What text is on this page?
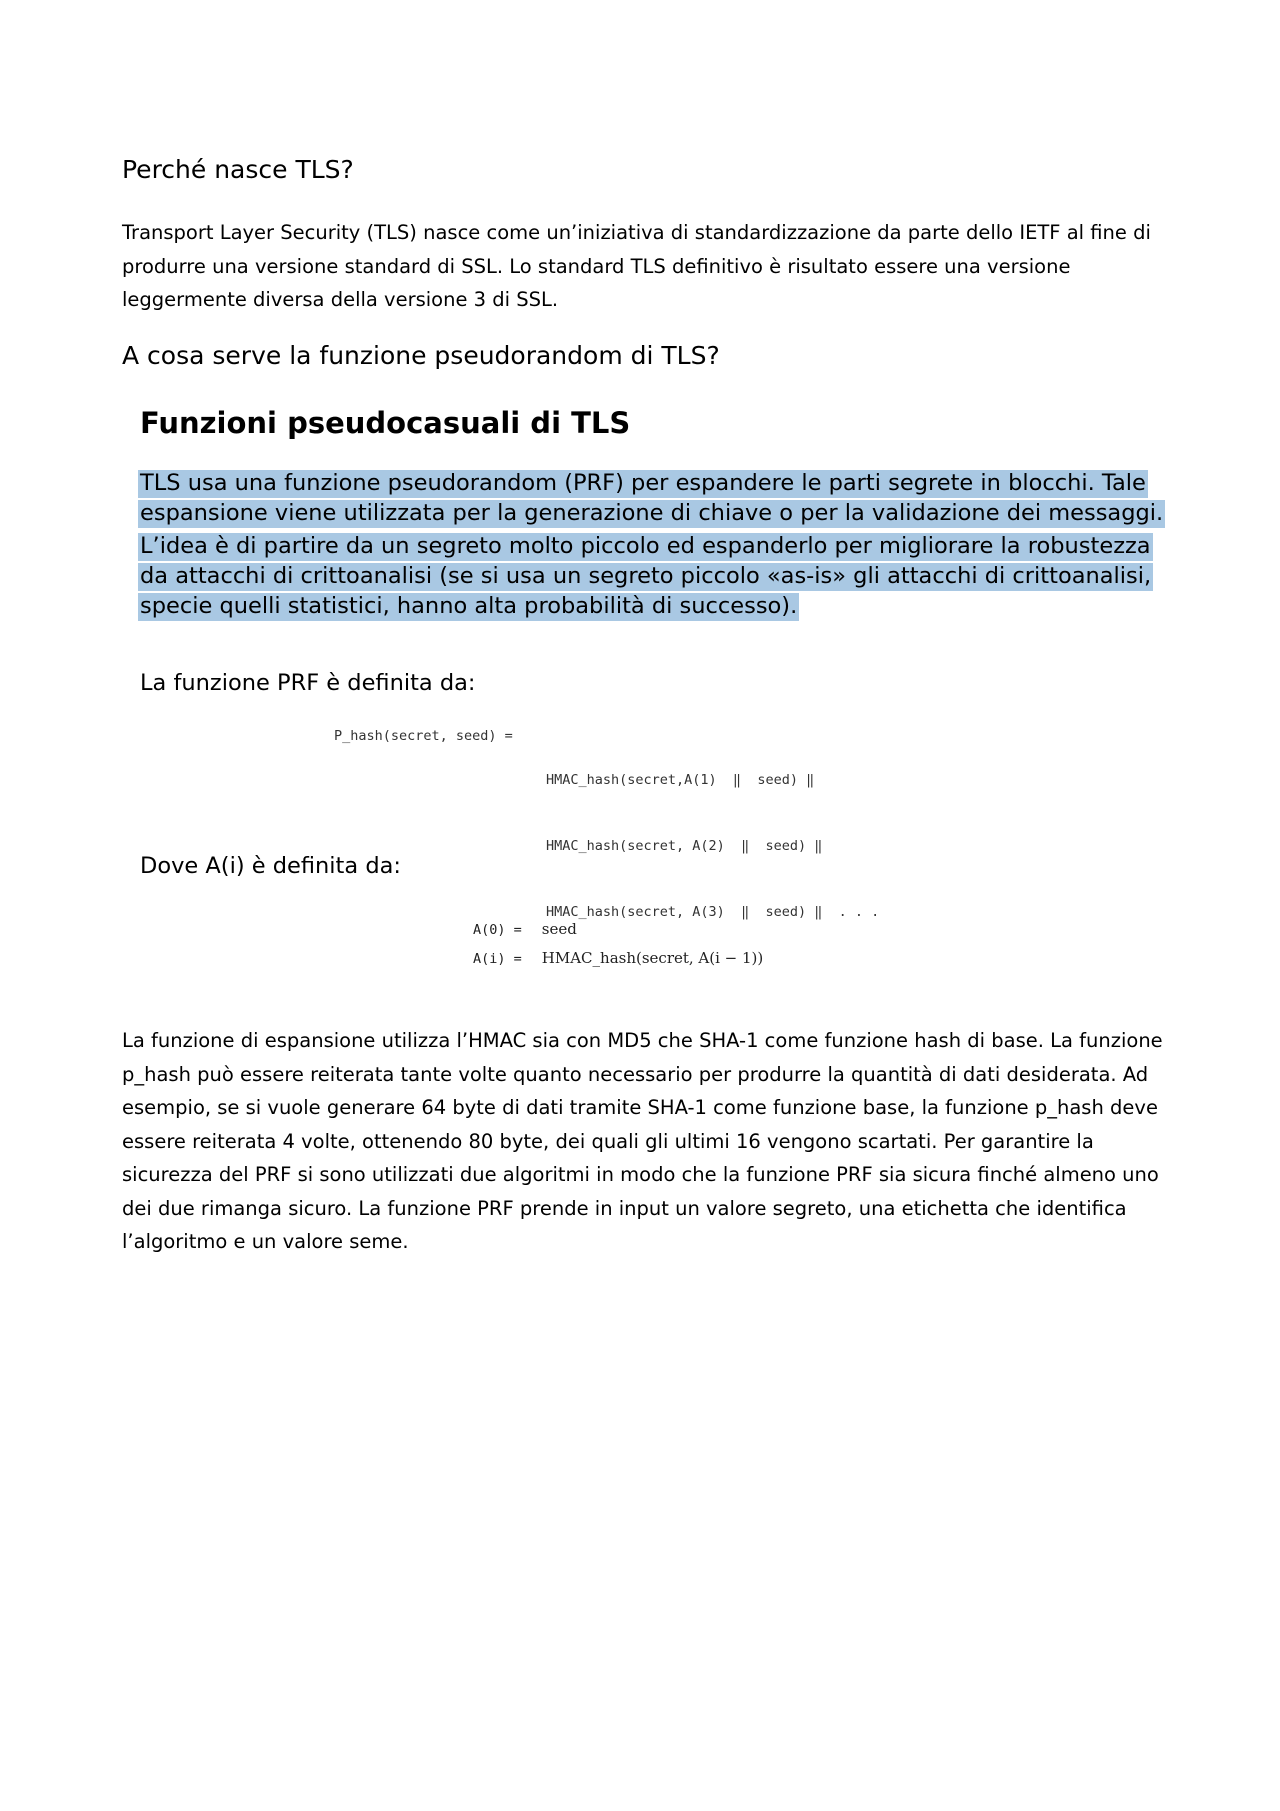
Perché nasce TLS?

Transport Layer Security (TLS) nasce come un’iniziativa di standardizzazione da parte dello IETF al fine di
produrre una versione standard di SSL. Lo standard TLS definitivo è risultato essere una versione
leggermente diversa della versione 3 di SSL.

A cosa serve la funzione pseudorandom di TLS?
Funzioni pseudocasuali di TLS
TLS usa una funzione pseudorandom (PRF) per espandere le parti segrete in blocchi. Tale
espansione viene utilizzata per la generazione di chiave o per la validazione dei messaggi.
L’idea è di partire da un segreto molto piccolo ed espanderlo per migliorare la robustezza
da attacchi di crittoanalisi (se si usa un segreto piccolo «as-is» gli attacchi di crittoanalisi,
specie quelli statistici, hanno alta probabilità di successo).
La funzione PRF è definita da:
P_hash(secret, seed) =

HMAC_hash(secret,A(1)  ‖  seed) ‖

HMAC_hash(secret, A(2)  ‖  seed) ‖

HMAC_hash(secret, A(3)  ‖  seed) ‖  . . .

Dove A(i) è definita da:
A(0) = seed
A(i) = HMAC_hash(secret, A(i − 1))

La funzione di espansione utilizza l’HMAC sia con MD5 che SHA-1 come funzione hash di base. La funzione
p_hash può essere reiterata tante volte quanto necessario per produrre la quantità di dati desiderata. Ad
esempio, se si vuole generare 64 byte di dati tramite SHA-1 come funzione base, la funzione p_hash deve
essere reiterata 4 volte, ottenendo 80 byte, dei quali gli ultimi 16 vengono scartati. Per garantire la
sicurezza del PRF si sono utilizzati due algoritmi in modo che la funzione PRF sia sicura finché almeno uno
dei due rimanga sicuro. La funzione PRF prende in input un valore segreto, una etichetta che identifica
l’algoritmo e un valore seme.
